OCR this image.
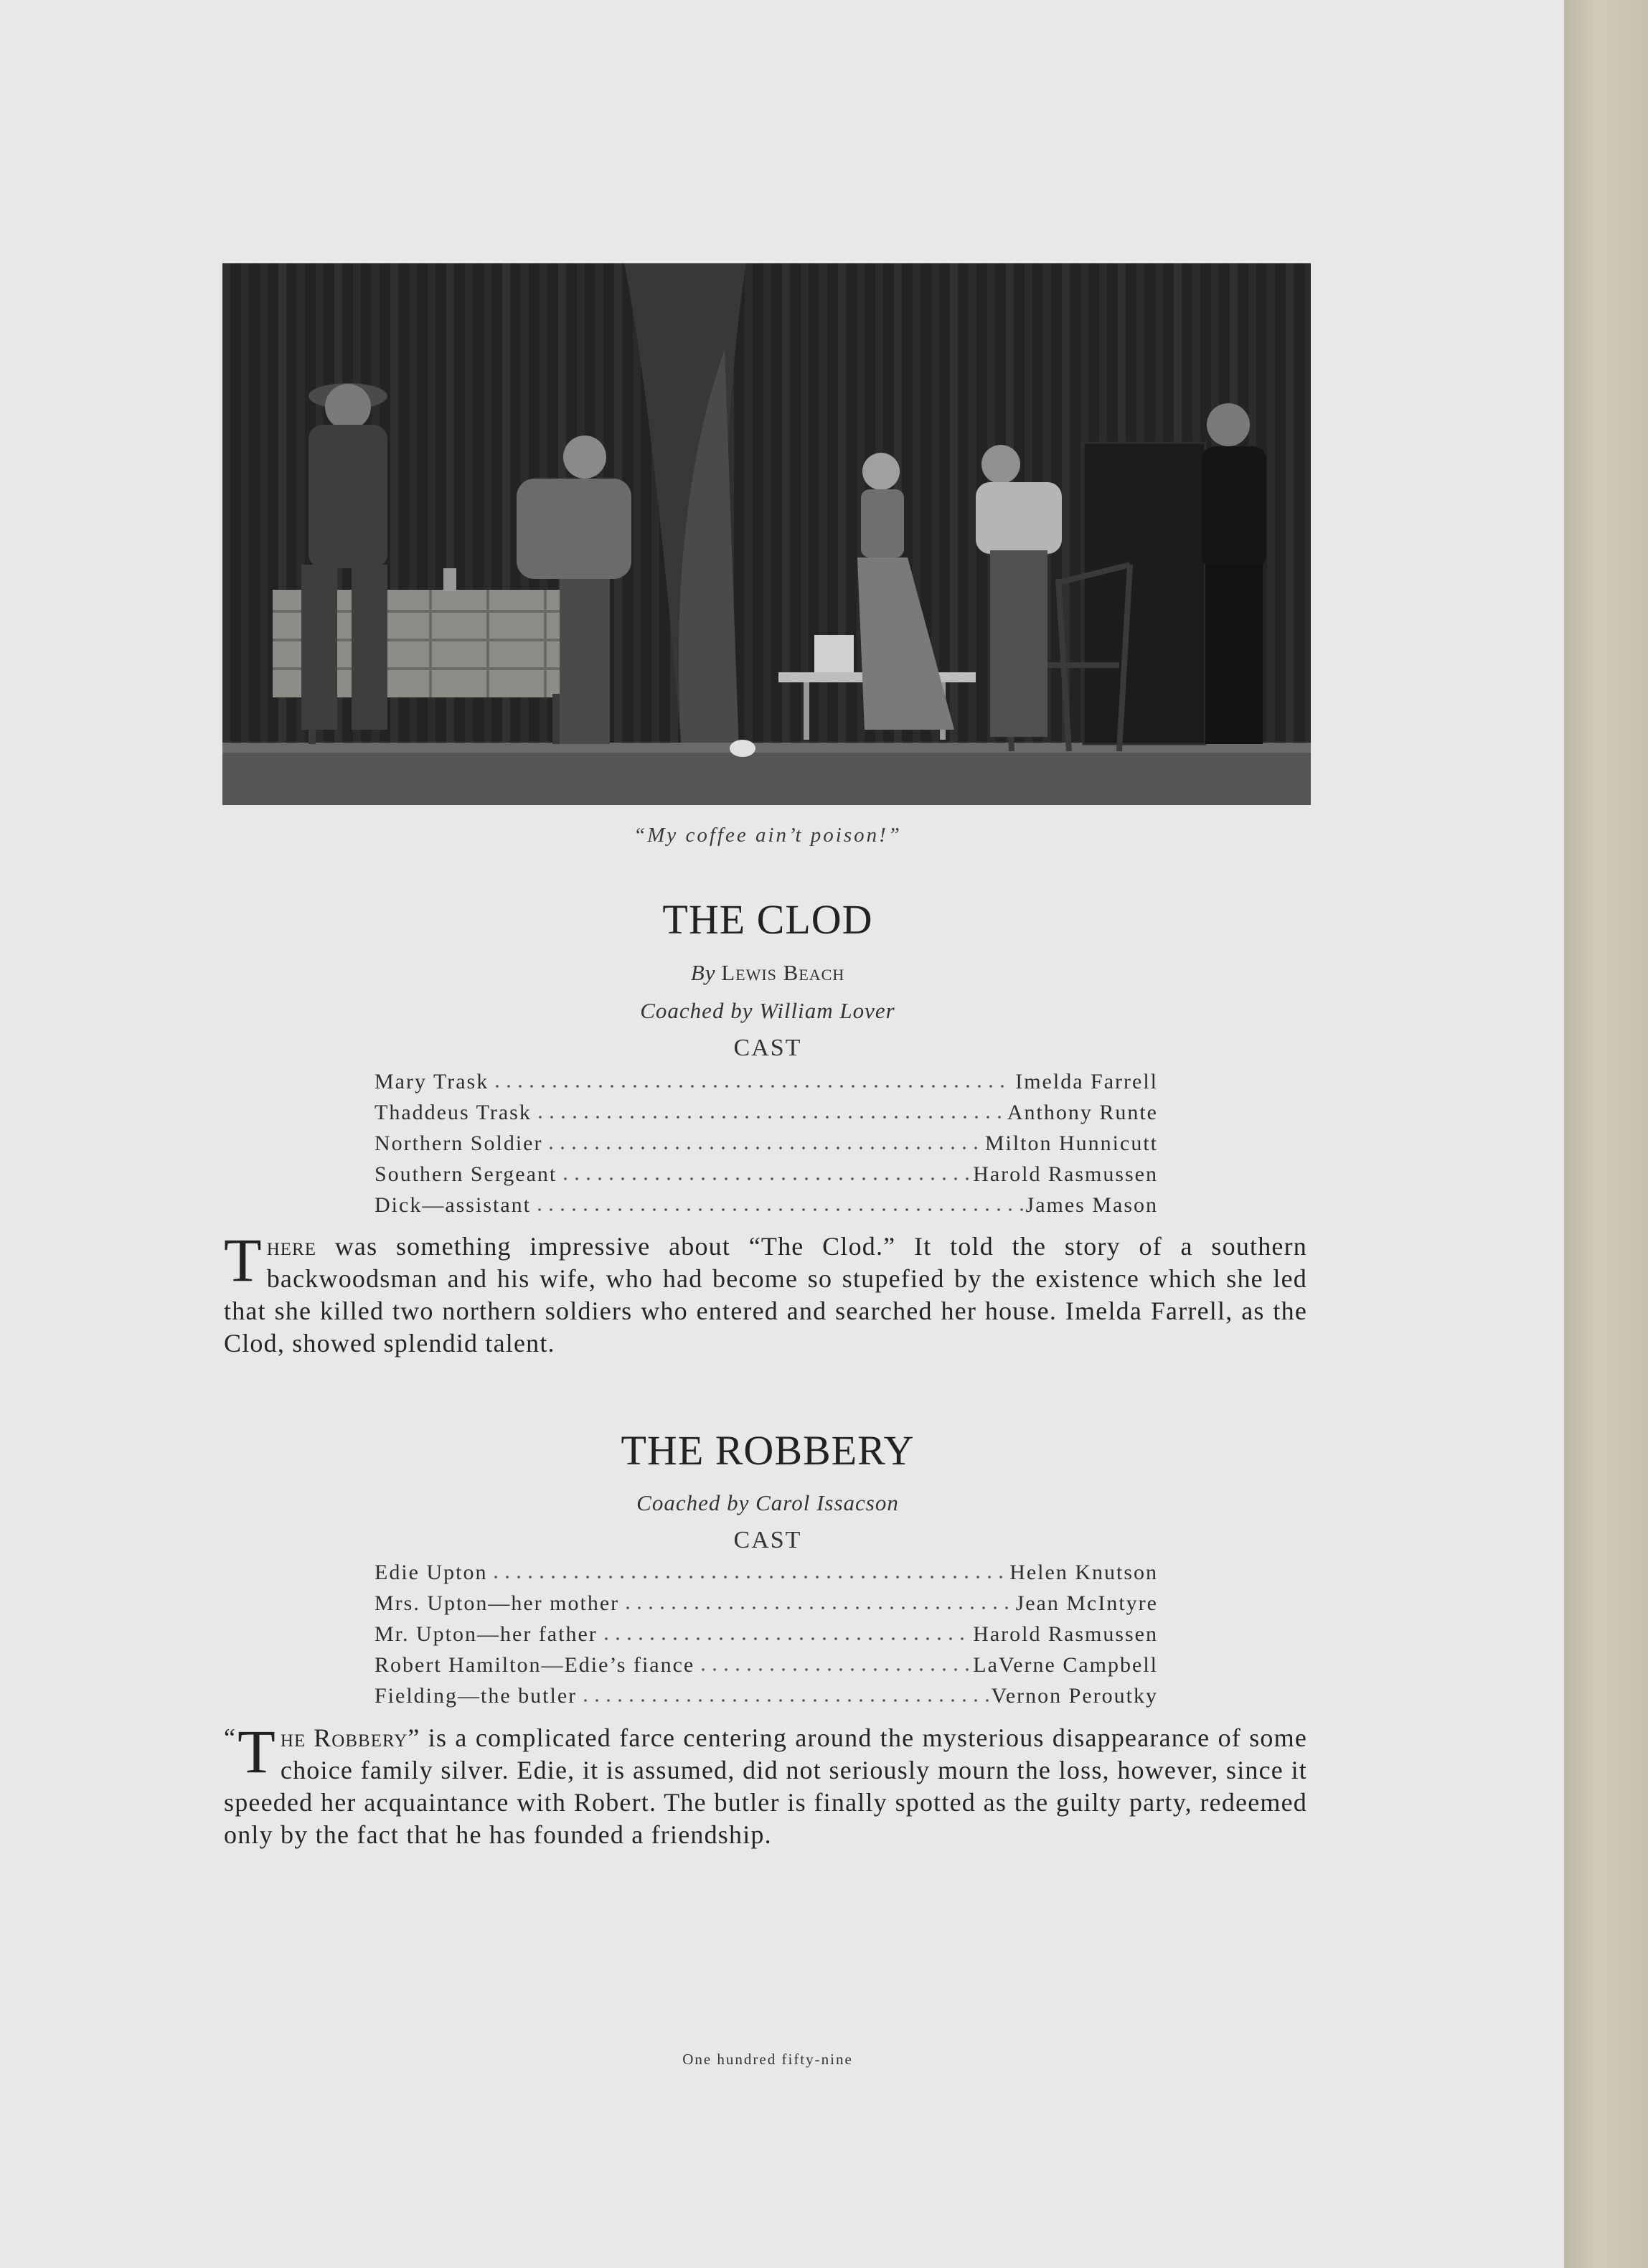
“My coffee ain’t poison!”
THE CLOD
By Lewis Beach
Coached by William Lover
CAST
Mary Trask	Imelda Farrell
Thaddeus Trask	Anthony Runte
Northern Soldier	Milton Hunnicutt
Southern Sergeant	Harold Rasmussen
Dick—assistant	James Mason
There was something impressive about “The Clod.” It told the story of a southern backwoodsman and his wife, who had become so stupefied by the existence which she led that she killed two northern soldiers who entered and searched her house. Imelda Farrell, as the Clod, showed splendid talent.
THE ROBBERY
Coached by Carol Issacson
CAST
Edie Upton	Helen Knutson
Mrs. Upton—her mother	Jean McIntyre
Mr. Upton—her father	Harold Rasmussen
Robert Hamilton—Edie’s fiance	LaVerne Campbell
Fielding—the butler	Vernon Peroutky
“ T he Robbery” is a complicated farce centering around the mysterious disappearance of some choice family silver. Edie, it is assumed, did not seriously mourn the loss, however, since it speeded her acquaintance with Robert. The butler is finally spotted as the guilty party, redeemed only by the fact that he has founded a friendship.
One hundred fifty-nine
